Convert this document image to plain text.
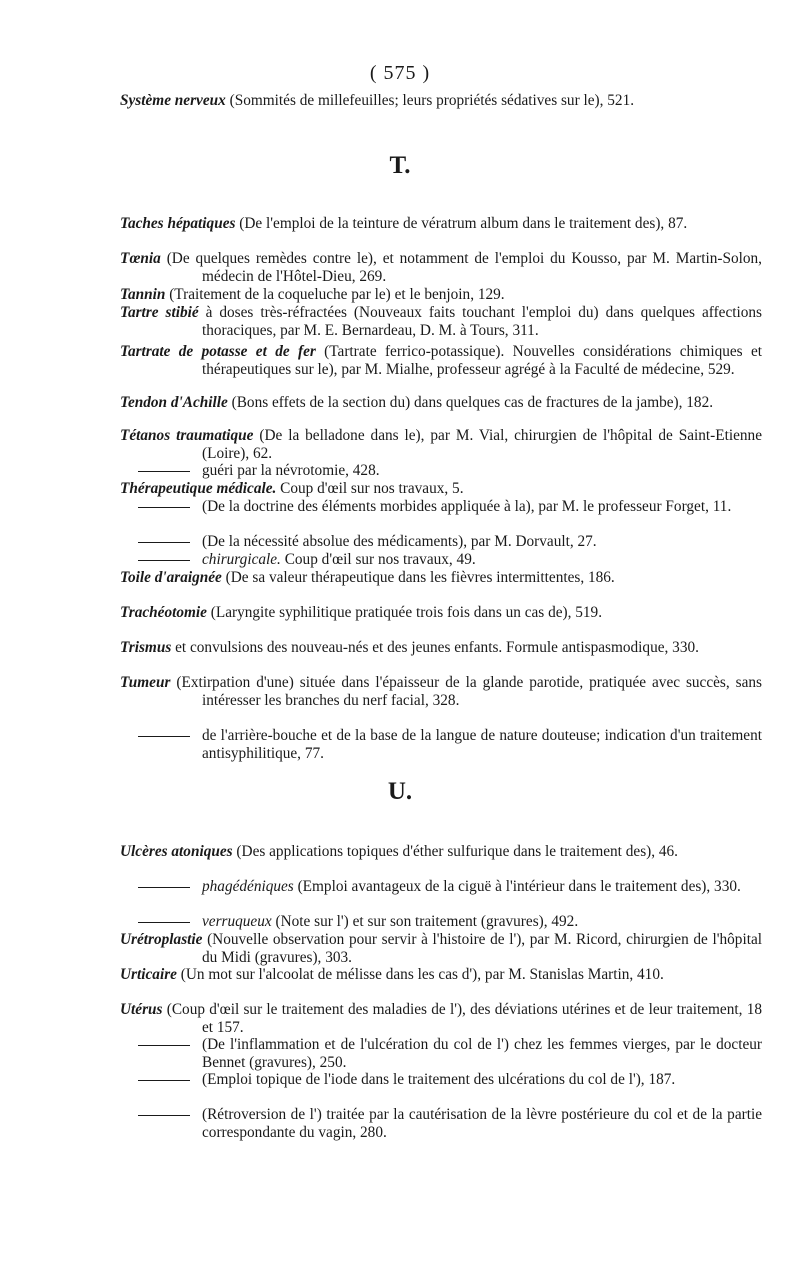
( 575 )
Système nerveux (Sommités de millefeuilles; leurs propriétés sédatives sur le), 521.
T.
Taches hépatiques (De l'emploi de la teinture de vératrum album dans le traitement des), 87.
Tœnia (De quelques remèdes contre le), et notamment de l'emploi du Kousso, par M. Martin-Solon, médecin de l'Hôtel-Dieu, 269.
Tannin (Traitement de la coqueluche par le) et le benjoin, 129.
Tartre stibié à doses très-réfractées (Nouveaux faits touchant l'emploi du) dans quelques affections thoraciques, par M. E. Bernardeau, D. M. à Tours, 311.
Tartrate de potasse et de fer (Tartrate ferrico-potassique). Nouvelles considérations chimiques et thérapeutiques sur le), par M. Mialhe, professeur agrégé à la Faculté de médecine, 529.
Tendon d'Achille (Bons effets de la section du) dans quelques cas de fractures de la jambe), 182.
Tétanos traumatique (De la belladone dans le), par M. Vial, chirurgien de l'hôpital de Saint-Etienne (Loire), 62.
guéri par la névrotomie, 428.
Thérapeutique médicale. Coup d'œil sur nos travaux, 5.
(De la doctrine des éléments morbides appliquée à la), par M. le professeur Forget, 11.
(De la nécessité absolue des médicaments), par M. Dorvault, 27.
chirurgicale. Coup d'œil sur nos travaux, 49.
Toile d'araignée (De sa valeur thérapeutique dans les fièvres intermittentes, 186.
Trachéotomie (Laryngite syphilitique pratiquée trois fois dans un cas de), 519.
Trismus et convulsions des nouveau-nés et des jeunes enfants. Formule antispasmodique, 330.
Tumeur (Extirpation d'une) située dans l'épaisseur de la glande parotide, pratiquée avec succès, sans intéresser les branches du nerf facial, 328.
de l'arrière-bouche et de la base de la langue de nature douteuse; indication d'un traitement antisyphilitique, 77.
U.
Ulcères atoniques (Des applications topiques d'éther sulfurique dans le traitement des), 46.
phagédéniques (Emploi avantageux de la ciguë à l'intérieur dans le traitement des), 330.
verruqueux (Note sur l') et sur son traitement (gravures), 492.
Urétroplastie (Nouvelle observation pour servir à l'histoire de l'), par M. Ricord, chirurgien de l'hôpital du Midi (gravures), 303.
Urticaire (Un mot sur l'alcoolat de mélisse dans les cas d'), par M. Stanislas Martin, 410.
Utérus (Coup d'œil sur le traitement des maladies de l'), des déviations utérines et de leur traitement, 18 et 157.
(De l'inflammation et de l'ulcération du col de l') chez les femmes vierges, par le docteur Bennet (gravures), 250.
(Emploi topique de l'iode dans le traitement des ulcérations du col de l'), 187.
(Rétroversion de l') traitée par la cautérisation de la lèvre postérieure du col et de la partie correspondante du vagin, 280.
